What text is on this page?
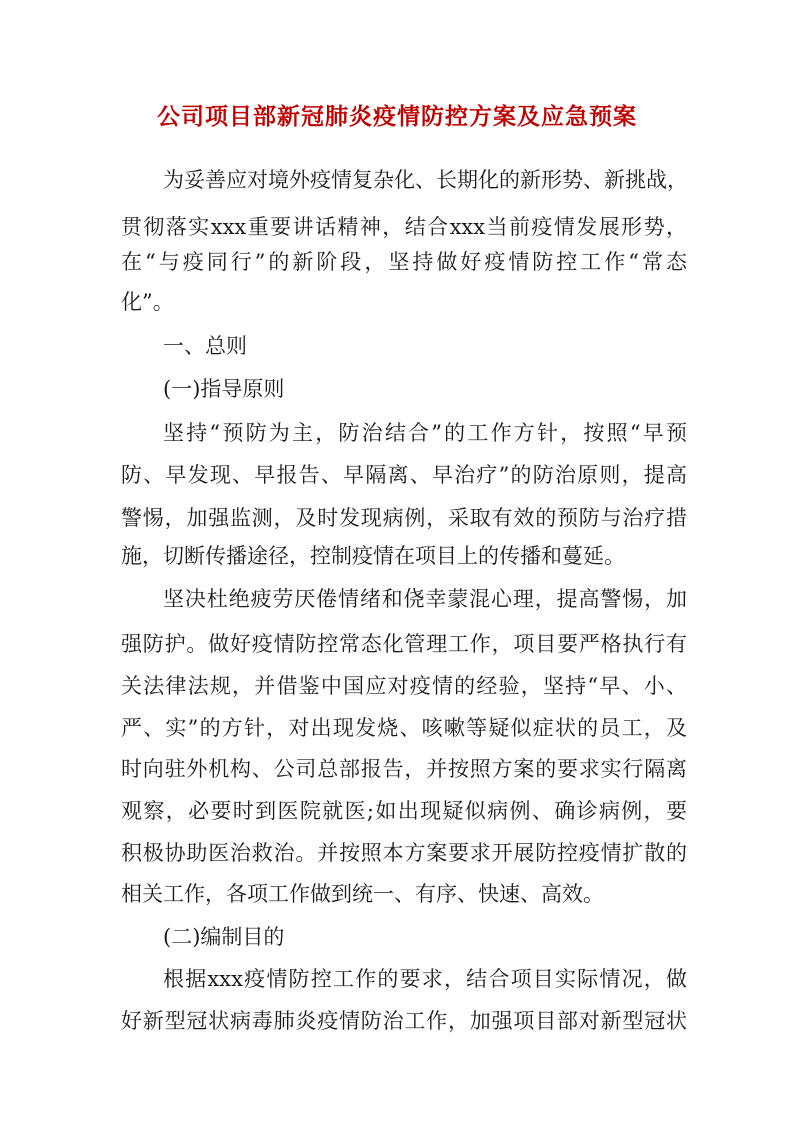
公司项目部新冠肺炎疫情防控方案及应急预案

为妥善应对境外疫情复杂化、长期化的新形势、新挑战，

贯彻落实xxx重要讲话精神，结合xxx当前疫情发展形势，

在“与疫同行”的新阶段，坚持做好疫情防控工作“常态

化”。

一、总则

(一)指导原则

坚持“预防为主，防治结合”的工作方针，按照“早预

防、早发现、早报告、早隔离、早治疗”的防治原则，提高

警惕，加强监测，及时发现病例，采取有效的预防与治疗措

施，切断传播途径，控制疫情在项目上的传播和蔓延。

坚决杜绝疲劳厌倦情绪和侥幸蒙混心理，提高警惕，加

强防护。做好疫情防控常态化管理工作，项目要严格执行有

关法律法规，并借鉴中国应对疫情的经验，坚持“早、小、

严、实”的方针，对出现发烧、咳嗽等疑似症状的员工，及

时向驻外机构、公司总部报告，并按照方案的要求实行隔离

观察，必要时到医院就医;如出现疑似病例、确诊病例，要

积极协助医治救治。并按照本方案要求开展防控疫情扩散的

相关工作，各项工作做到统一、有序、快速、高效。

(二)编制目的

根据xxx疫情防控工作的要求，结合项目实际情况，做

好新型冠状病毒肺炎疫情防治工作，加强项目部对新型冠状
